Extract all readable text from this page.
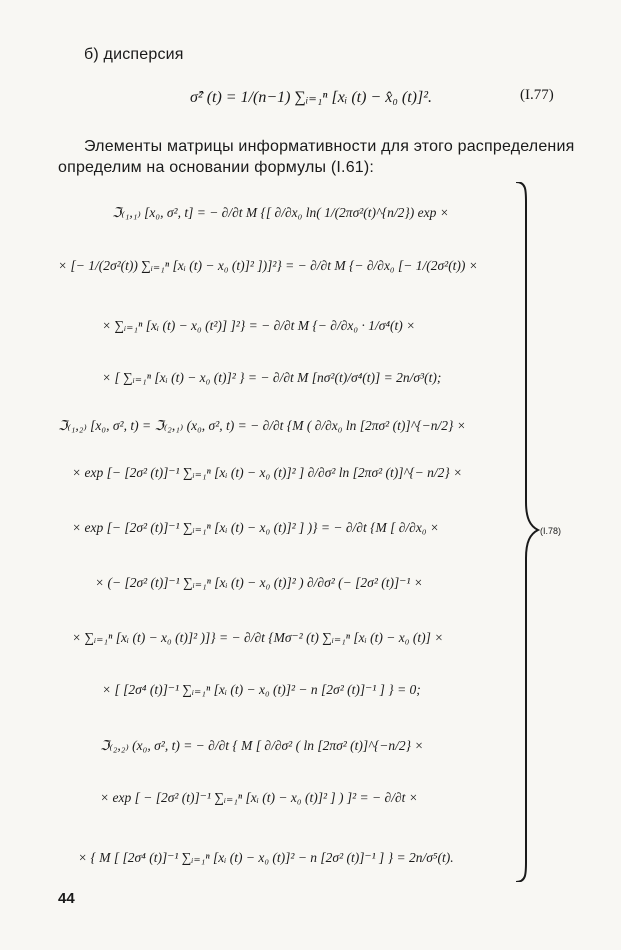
б) дисперсия
σ̂² (t) = 1/(n−1) ∑ᵢ₌₁ⁿ [xᵢ (t) − x̂₀ (t)]².	(I.77)
Элементы матрицы информативности для этого распределения
определим на основании формулы (I.61):
ℑ₍₁,₁₎ [x₀, σ², t] = − ∂/∂t M {[ ∂/∂x₀ ln( 1/(2πσ²(t)^{n/2}) exp ×
× [− 1/(2σ²(t)) ∑ᵢ₌₁ⁿ [xᵢ (t) − x₀ (t)]² ])]²} = − ∂/∂t M {− ∂/∂x₀ [− 1/(2σ²(t)) ×
× ∑ᵢ₌₁ⁿ [xᵢ (t) − x₀ (t²)] ]²} = − ∂/∂t M {− ∂/∂x₀ · 1/σ⁴(t) ×
× [ ∑ᵢ₌₁ⁿ [xᵢ (t) − x₀ (t)]² } = − ∂/∂t M [nσ²(t)/σ⁴(t)] = 2n/σ³(t);
ℑ₍₁,₂₎ [x₀, σ², t) = ℑ₍₂,₁₎ (x₀, σ², t) = − ∂/∂t {M ( ∂/∂x₀ ln [2πσ² (t)]^{−n/2} ×
× exp [− [2σ² (t)]⁻¹ ∑ᵢ₌₁ⁿ [xᵢ (t) − x₀ (t)]² ] ∂/∂σ² ln [2πσ² (t)]^{− n/2} ×
× exp [− [2σ² (t)]⁻¹ ∑ᵢ₌₁ⁿ [xᵢ (t) − x₀ (t)]² ] )} = − ∂/∂t {M [ ∂/∂x₀ ×
× (− [2σ² (t)]⁻¹ ∑ᵢ₌₁ⁿ [xᵢ (t) − x₀ (t)]² ) ∂/∂σ² (− [2σ² (t)]⁻¹ ×
× ∑ᵢ₌₁ⁿ [xᵢ (t) − x₀ (t)]² )]} = − ∂/∂t {Mσ⁻² (t) ∑ᵢ₌₁ⁿ [xᵢ (t) − x₀ (t)] ×
× [ [2σ⁴ (t)]⁻¹ ∑ᵢ₌₁ⁿ [xᵢ (t) − x₀ (t)]² − n [2σ² (t)]⁻¹ ] } = 0;
ℑ₍₂,₂₎ (x₀, σ², t) = − ∂/∂t { M [ ∂/∂σ² ( ln [2πσ² (t)]^{−n/2} ×
× exp [ − [2σ² (t)]⁻¹ ∑ᵢ₌₁ⁿ [xᵢ (t) − x₀ (t)]² ] ) ]² = − ∂/∂t ×
× { M [ [2σ⁴ (t)]⁻¹ ∑ᵢ₌₁ⁿ [xᵢ (t) − x₀ (t)]² − n [2σ² (t)]⁻¹ ] } = 2n/σ⁵(t).
(I.78)
44
